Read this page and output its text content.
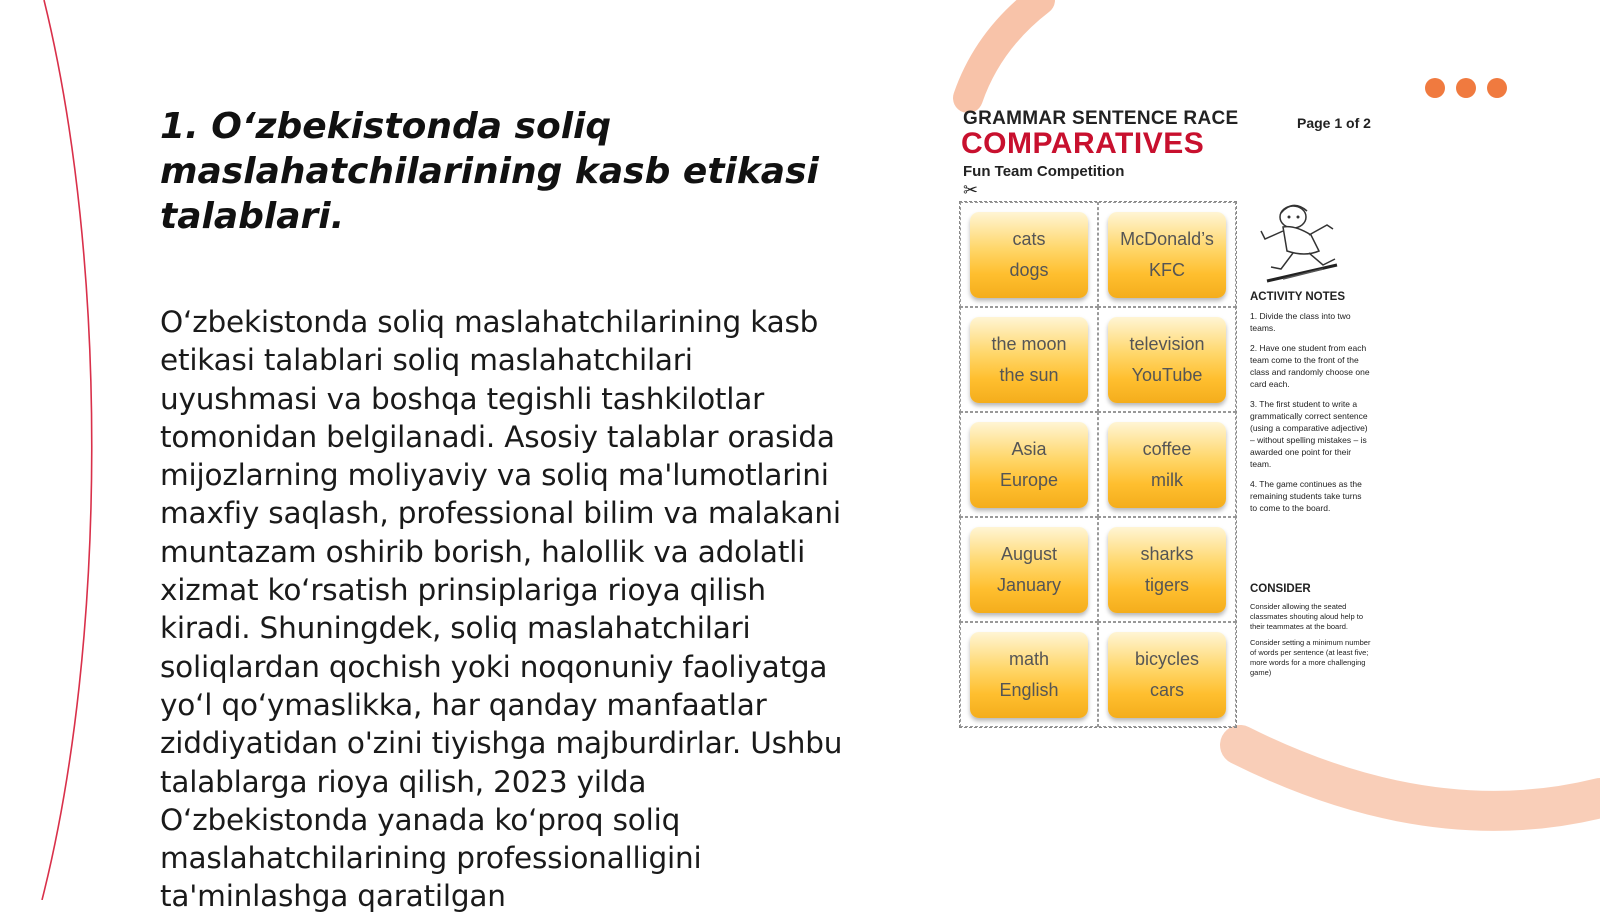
1. O‘zbekistonda soliq maslahatchilarining kasb etikasi talablari.

O‘zbekistonda soliq maslahatchilarining kasb etikasi talablari soliq maslahatchilari uyushmasi va boshqa tegishli tashkilotlar tomonidan belgilanadi. Asosiy talablar orasida mijozlarning moliyaviy va soliq ma'lumotlarini maxfiy saqlash, professional bilim va malakani muntazam oshirib borish, halollik va adolatli xizmat ko‘rsatish prinsiplariga rioya qilish kiradi. Shuningdek, soliq maslahatchilari soliqlardan qochish yoki noqonuniy faoliyatga yo‘l qo‘ymaslikka, har qanday manfaatlar ziddiyatidan o'zini tiyishga majburdirlar. Ushbu talablarga rioya qilish, 2023 yilda O‘zbekistonda yanada ko‘proq soliq maslahatchilarining professionalligini ta'minlashga qaratilgan

GRAMMAR SENTENCE RACE
COMPARATIVES
Fun Team Competition
Page 1 of 2
✂
cats
dogs
McDonald’s
KFC
the moon
the sun
television
YouTube
Asia
Europe
coffee
milk
August
January
sharks
tigers
math
English
bicycles
cars
ACTIVITY NOTES

1. Divide the class into two teams.

2. Have one student from each team come to the front of the class and randomly choose one card each.

3. The first student to write a grammatically correct sentence (using a comparative adjective) – without spelling mistakes – is awarded one point for their team.

4. The game continues as the remaining students take turns to come to the board.

CONSIDER

Consider allowing the seated classmates shouting aloud help to their teammates at the board.

Consider setting a minimum number of words per sentence (at least five; more words for a more challenging game)
